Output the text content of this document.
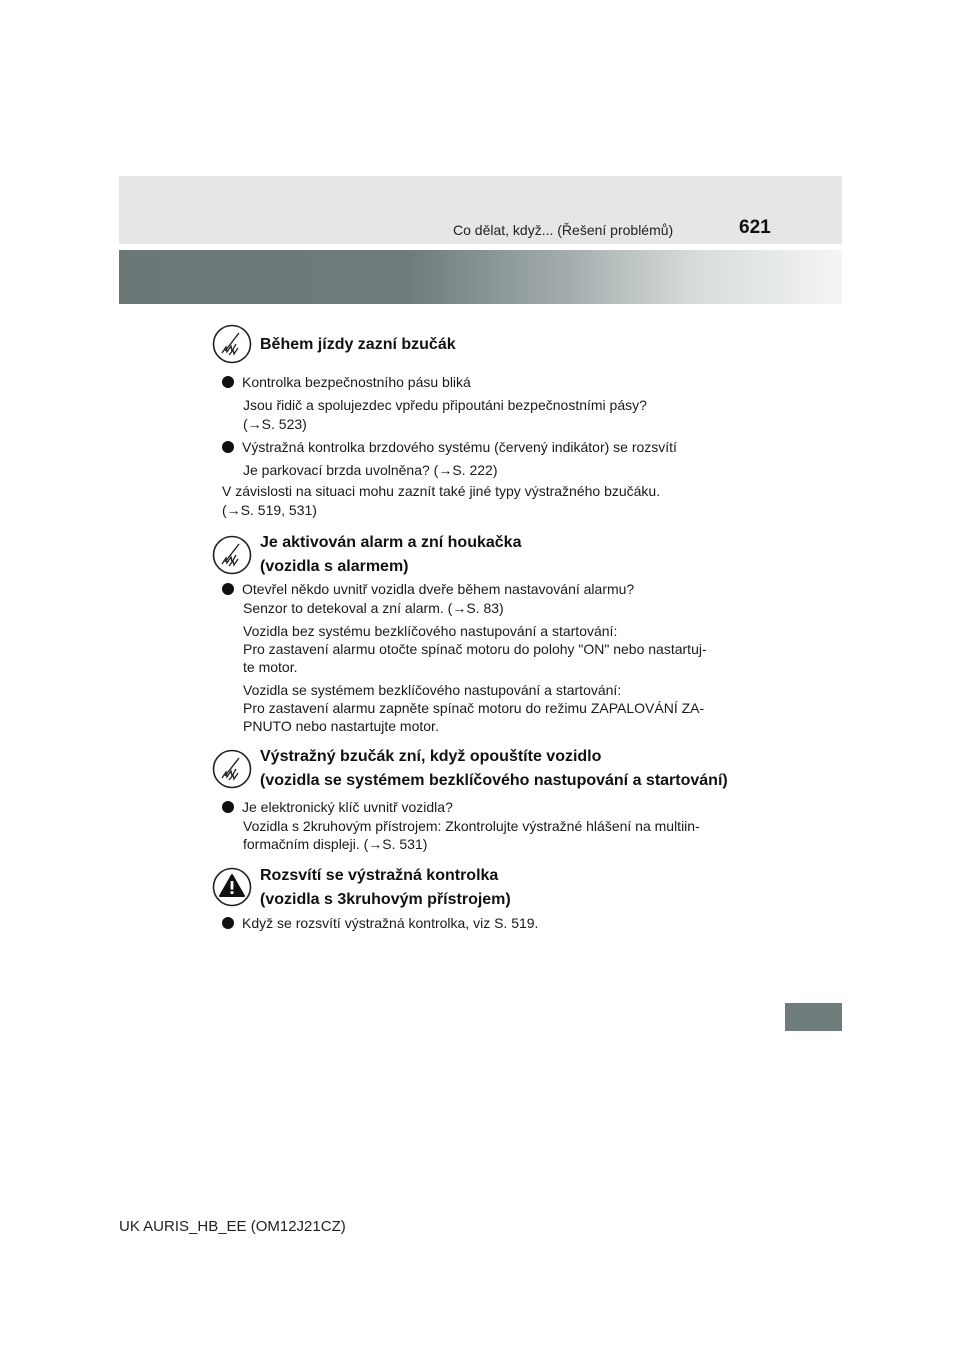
Co dělat, když... (Řešení problémů)	621
Během jízdy zazní bzučák
Kontrolka bezpečnostního pásu bliká
Jsou řidič a spolujezdec vpředu připoutáni bezpečnostními pásy?
(→S. 523)
Výstražná kontrolka brzdového systému (červený indikátor) se rozsvítí
Je parkovací brzda uvolněna? (→S. 222)
V závislosti na situaci mohu zaznít také jiné typy výstražného bzučáku.
(→S. 519, 531)
Je aktivován alarm a zní houkačka
(vozidla s alarmem)
Otevřel někdo uvnitř vozidla dveře během nastavování alarmu?
Senzor to detekoval a zní alarm. (→S. 83)
Vozidla bez systému bezklíčového nastupování a startování:
Pro zastavení alarmu otočte spínač motoru do polohy "ON" nebo nastartuj-
te motor.
Vozidla se systémem bezklíčového nastupování a startování:
Pro zastavení alarmu zapněte spínač motoru do režimu ZAPALOVÁNÍ ZA-
PNUTO nebo nastartujte motor.
Výstražný bzučák zní, když opouštíte vozidlo
(vozidla se systémem bezklíčového nastupování a startování)
Je elektronický klíč uvnitř vozidla?
Vozidla s 2kruhovým přístrojem: Zkontrolujte výstražné hlášení na multiin-
formačním displeji. (→S. 531)
Rozsvítí se výstražná kontrolka
(vozidla s 3kruhovým přístrojem)
Když se rozsvítí výstražná kontrolka, viz S. 519.
UK AURIS_HB_EE (OM12J21CZ)
